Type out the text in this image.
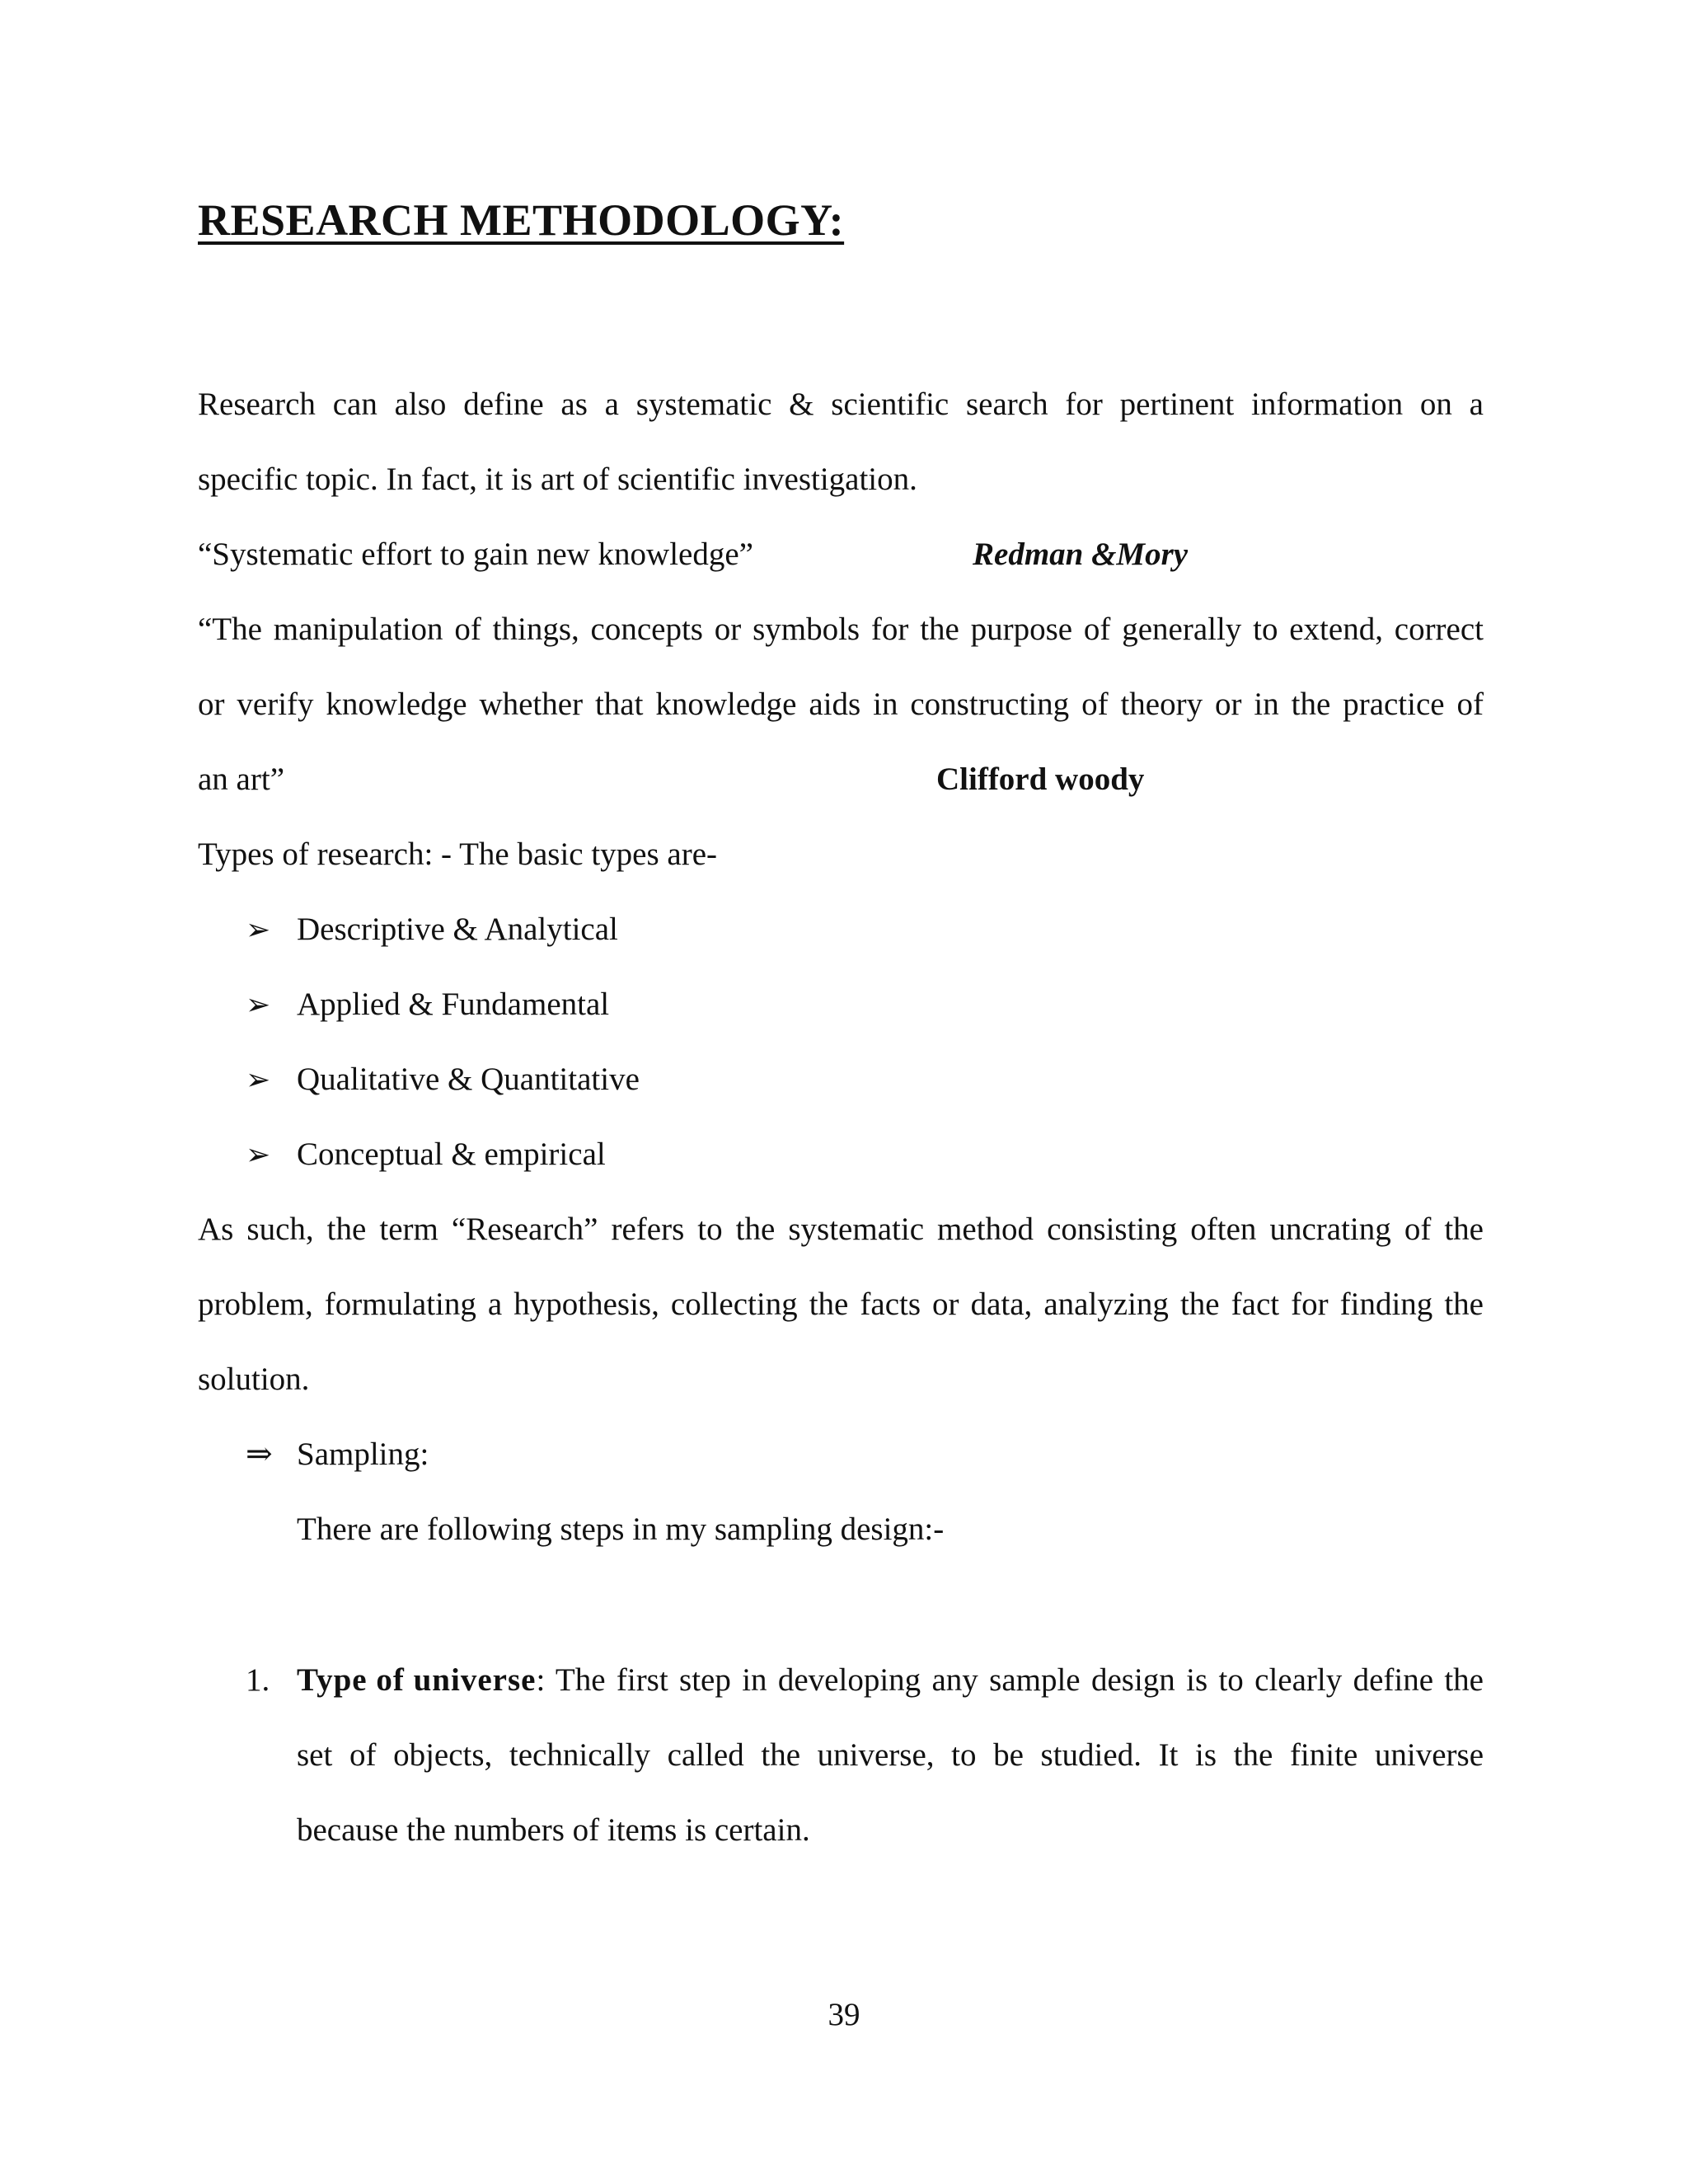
RESEARCH METHODOLOGY:
Research can also define as a systematic & scientific search for pertinent information on a
specific topic. In fact, it is art of scientific investigation.
“Systematic effort to gain new knowledge”	Redman &Mory
“The manipulation of things, concepts or symbols for the purpose of generally to extend, correct
or verify knowledge whether that knowledge aids in constructing of theory or in the practice of
an art”	Clifford woody
Types of research: - The basic types are-
➢ Descriptive & Analytical
➢ Applied & Fundamental
➢ Qualitative & Quantitative
➢ Conceptual & empirical
As such, the term “Research” refers to the systematic method consisting often uncrating of the
problem, formulating a hypothesis, collecting the facts or data, analyzing the fact for finding the
solution.
⇒ Sampling:
There are following steps in my sampling design:-
1. Type of universe : The first step in developing any sample design is to clearly define the
set of objects, technically called the universe, to be studied. It is the finite universe
because the numbers of items is certain.
39
